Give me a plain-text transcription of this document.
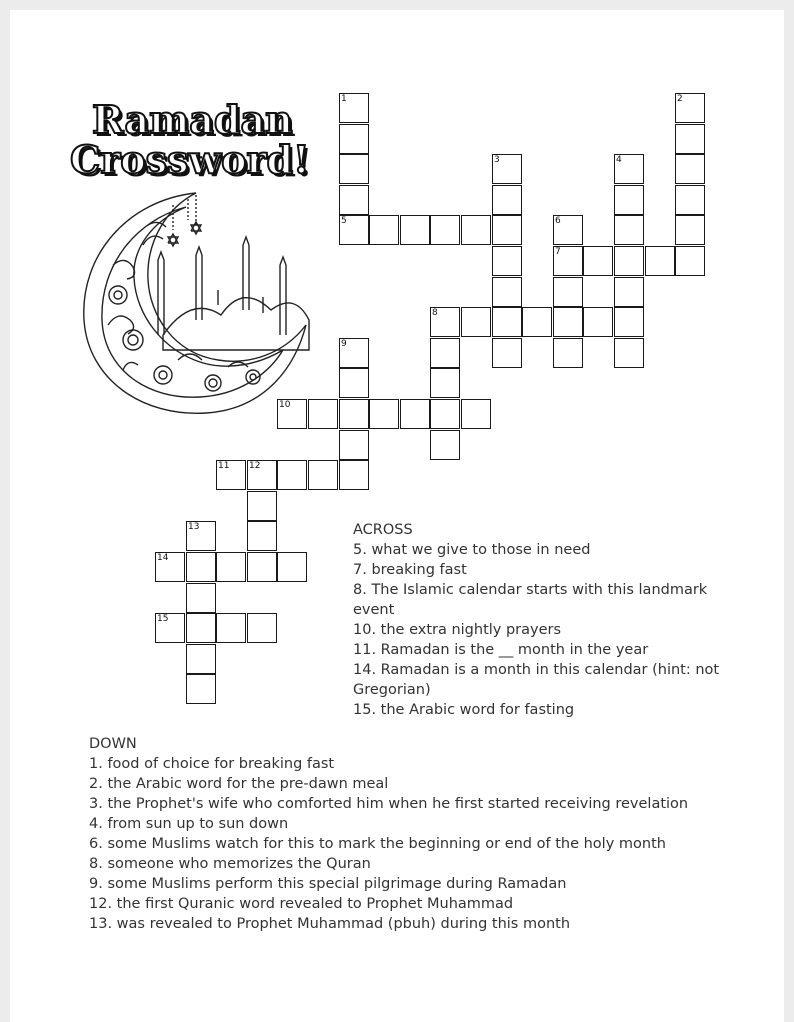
Ramadan
Crossword!
5
7
8
10
11 12
14
15
1	2
3	4
6
9
13	ACROSS
5. what we give to those in need
7. breaking fast
8. The Islamic calendar starts with this landmark event
10. the extra nightly prayers
11. Ramadan is the __ month in the year
14. Ramadan is a month in this calendar (hint: not Gregorian)
15. the Arabic word for fasting
DOWN
1. food of choice for breaking fast
2. the Arabic word for the pre-dawn meal
3. the Prophet's wife who comforted him when he first started receiving revelation
4. from sun up to sun down
6. some Muslims watch for this to mark the beginning or end of the holy month
8. someone who memorizes the Quran
9. some Muslims perform this special pilgrimage during Ramadan
12. the first Quranic word revealed to Prophet Muhammad
13. was revealed to Prophet Muhammad (pbuh) during this month
